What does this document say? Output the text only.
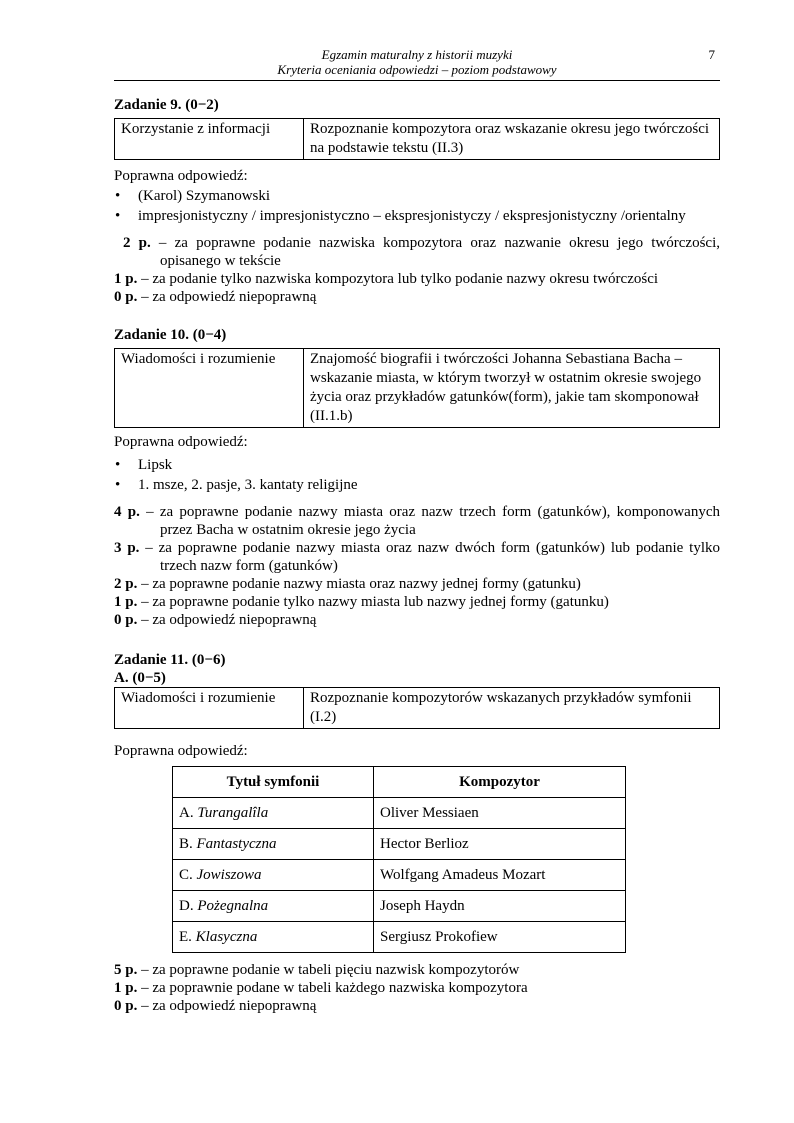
Egzamin maturalny z historii muzyki
Kryteria oceniania odpowiedzi – poziom podstawowy
7
Zadanie 9. (0−2)
Korzystanie z informacji	Rozpoznanie kompozytora oraz wskazanie okresu jego twórczości na podstawie tekstu (II.3)
Poprawna odpowiedź:
• (Karol) Szymanowski
• impresjonistyczny / impresjonistyczno – ekspresjonistyczy / ekspresjonistyczny /orientalny
2 p. – za poprawne podanie nazwiska kompozytora oraz nazwanie okresu jego twórczości, opisanego w tekście
1 p. – za podanie tylko nazwiska kompozytora lub tylko podanie nazwy okresu twórczości
0 p. – za odpowiedź niepoprawną
Zadanie 10. (0−4)
Wiadomości i rozumienie	Znajomość biografii i twórczości Johanna Sebastiana Bacha – wskazanie miasta, w którym tworzył w ostatnim okresie swojego życia oraz przykładów gatunków(form), jakie tam skomponował (II.1.b)
Poprawna odpowiedź:
• Lipsk
• 1. msze, 2. pasje, 3. kantaty religijne
4 p. – za poprawne podanie nazwy miasta oraz nazw trzech form (gatunków), komponowanych przez Bacha w ostatnim okresie jego życia
3 p. – za poprawne podanie nazwy miasta oraz nazw dwóch form (gatunków) lub podanie tylko trzech nazw form (gatunków)
2 p. – za poprawne podanie nazwy miasta oraz nazwy jednej formy (gatunku)
1 p. – za poprawne podanie tylko nazwy miasta lub nazwy jednej formy (gatunku)
0 p. – za odpowiedź niepoprawną
Zadanie 11. (0−6)
A. (0−5)
Wiadomości i rozumienie	Rozpoznanie kompozytorów wskazanych przykładów symfonii (I.2)
Poprawna odpowiedź:
Tytuł symfonii	Kompozytor
A. Turangalîla	Oliver Messiaen
B. Fantastyczna	Hector Berlioz
C. Jowiszowa	Wolfgang Amadeus Mozart
D. Pożegnalna	Joseph Haydn
E. Klasyczna	Sergiusz Prokofiew
5 p. – za poprawne podanie w tabeli pięciu nazwisk kompozytorów
1 p. – za poprawnie podane w tabeli każdego nazwiska kompozytora
0 p. – za odpowiedź niepoprawną
